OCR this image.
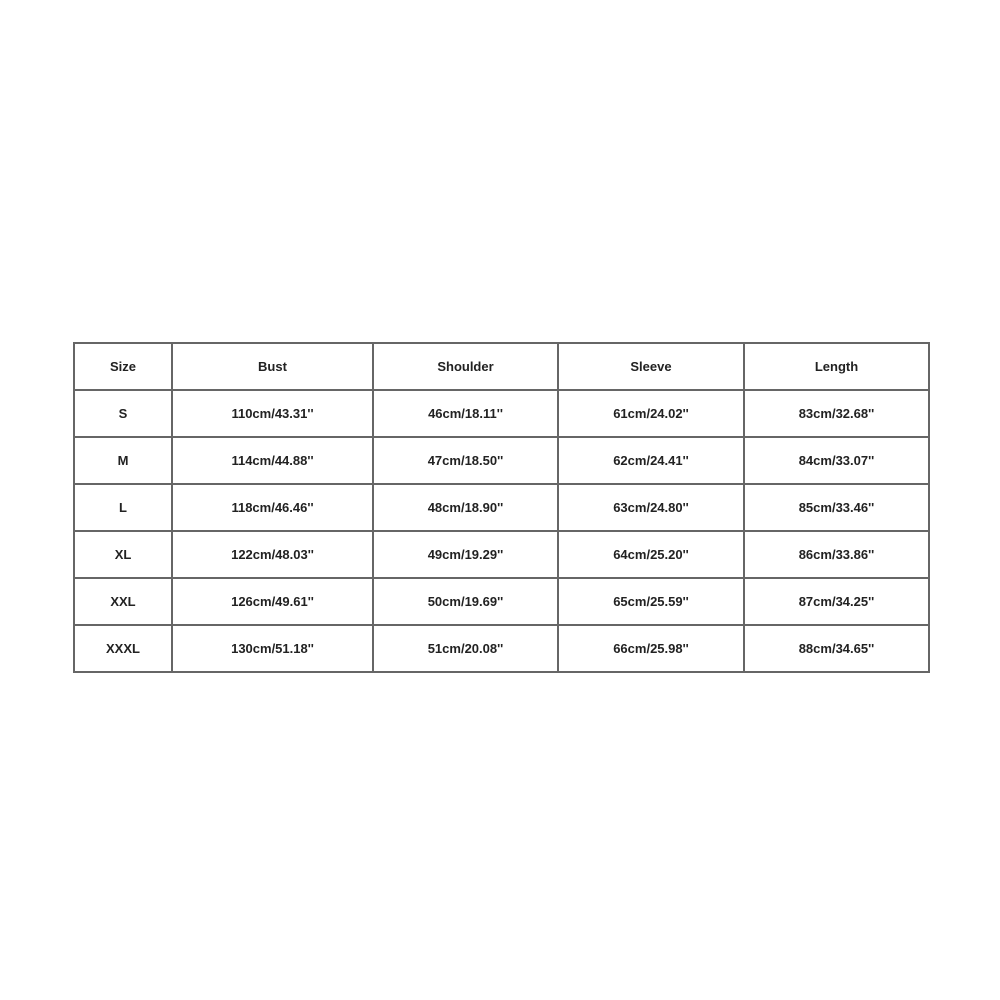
Size	Bust	Shoulder	Sleeve	Length
S	110cm/43.31''	46cm/18.11''	61cm/24.02''	83cm/32.68''
M	114cm/44.88''	47cm/18.50''	62cm/24.41''	84cm/33.07''
L	118cm/46.46''	48cm/18.90''	63cm/24.80''	85cm/33.46''
XL	122cm/48.03''	49cm/19.29''	64cm/25.20''	86cm/33.86''
XXL	126cm/49.61''	50cm/19.69''	65cm/25.59''	87cm/34.25''
XXXL	130cm/51.18''	51cm/20.08''	66cm/25.98''	88cm/34.65''
